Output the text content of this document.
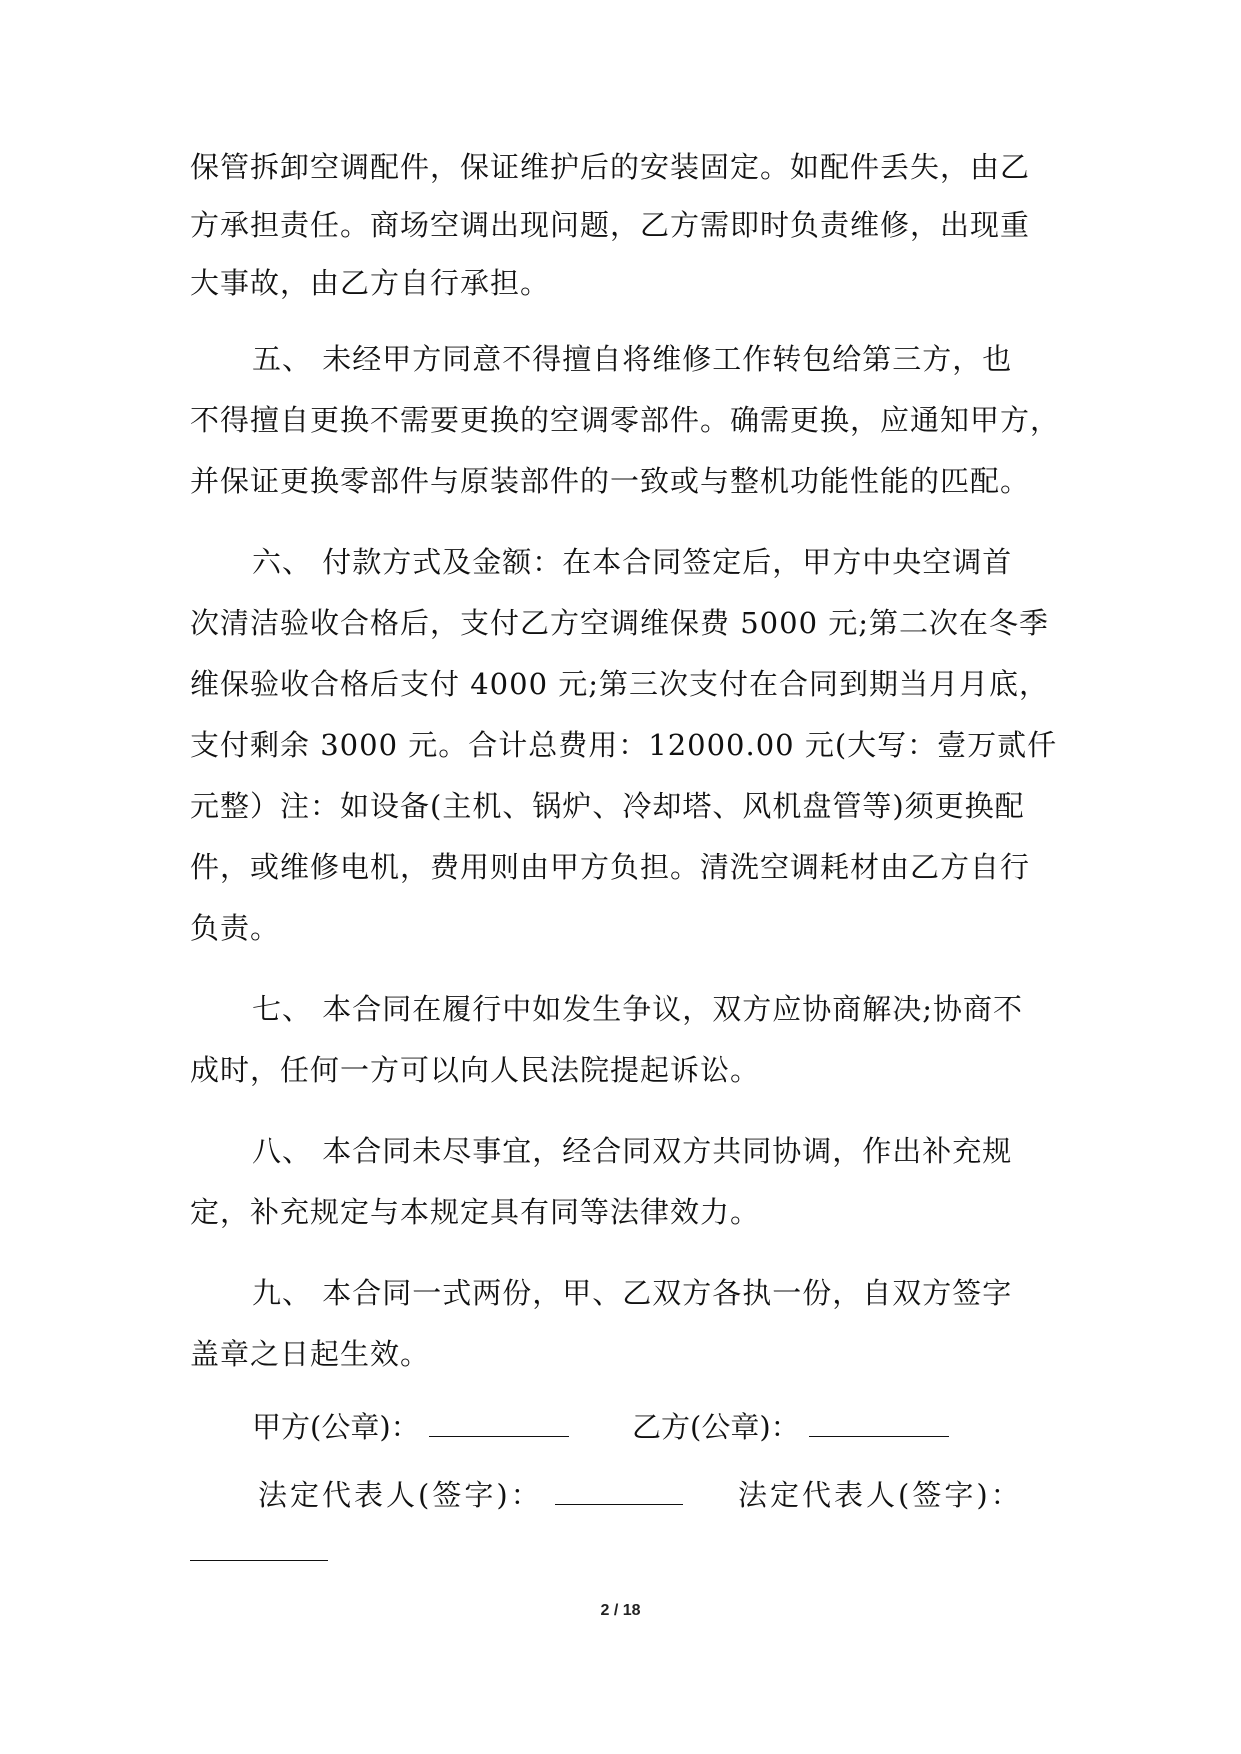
保管拆卸空调配件，保证维护后的安装固定。如配件丢失，由乙
方承担责任。商场空调出现问题，乙方需即时负责维修，出现重
大事故，由乙方自行承担。
五、 未经甲方同意不得擅自将维修工作转包给第三方，也
不得擅自更换不需要更换的空调零部件。确需更换，应通知甲方，
并保证更换零部件与原装部件的一致或与整机功能性能的匹配。
六、 付款方式及金额：在本合同签定后，甲方中央空调首
次清洁验收合格后，支付乙方空调维保费 5000 元;第二次在冬季
维保验收合格后支付 4000 元;第三次支付在合同到期当月月底，
支付剩余 3000 元。合计总费用：12000.00 元(大写：壹万贰仟
元整）注：如设备(主机、锅炉、冷却塔、风机盘管等)须更换配
件，或维修电机，费用则由甲方负担。清洗空调耗材由乙方自行
负责。
七、 本合同在履行中如发生争议，双方应协商解决;协商不
成时，任何一方可以向人民法院提起诉讼。
八、 本合同未尽事宜，经合同双方共同协调，作出补充规
定，补充规定与本规定具有同等法律效力。
九、 本合同一式两份，甲、乙双方各执一份，自双方签字
盖章之日起生效。
甲方(公章)：	乙方(公章)：
法定代表人(签字)：	法定代表人(签字)：
2 / 18
